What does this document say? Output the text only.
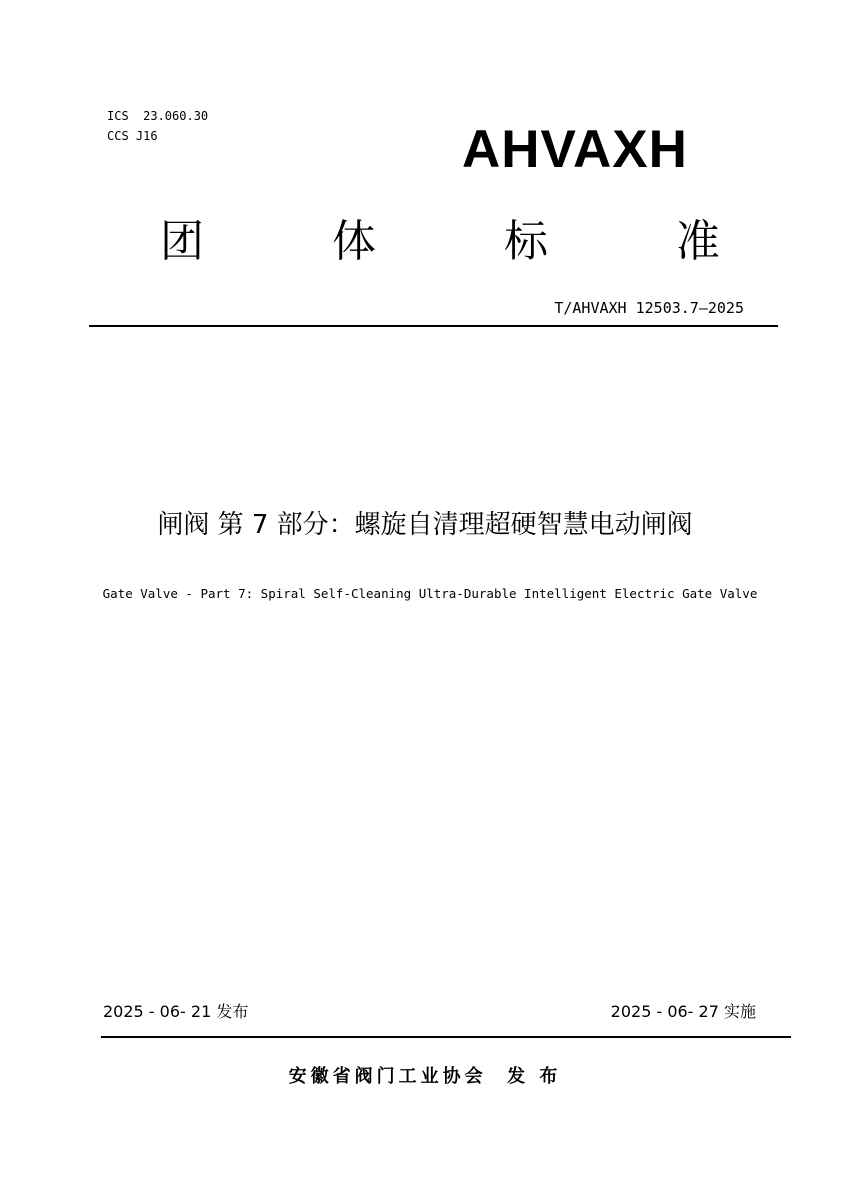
ICS  23.060.30
CCS J16	AHVAXH
团	体	标	准
T/AHVAXH 12503.7—2025
闸阀 第 7 部分：螺旋自清理超硬智慧电动闸阀
Gate Valve - Part 7: Spiral Self-Cleaning Ultra-Durable Intelligent Electric Gate Valve
2025 - 06- 21 发布	2025 - 06- 27 实施
安徽省阀门工业协会  发 布
